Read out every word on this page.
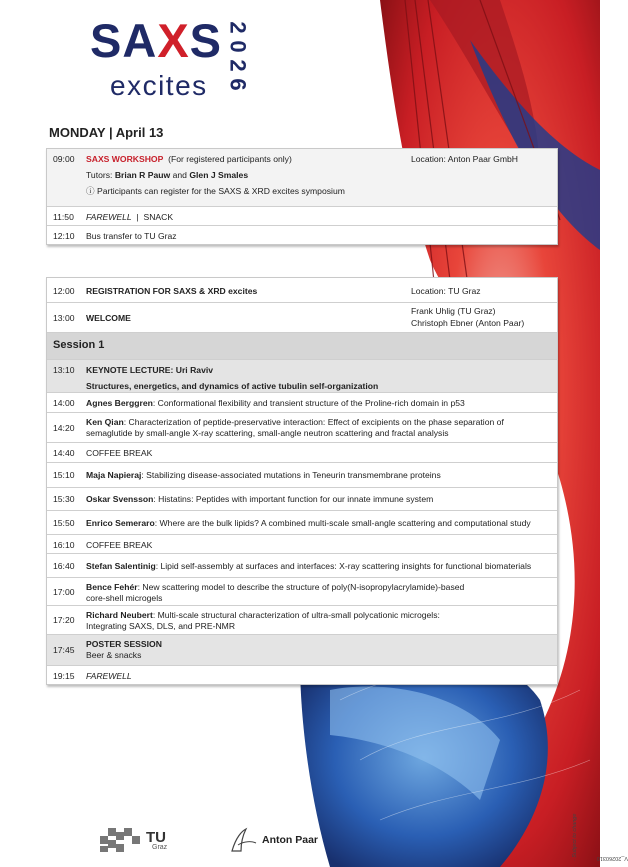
SAXS
excites
2
0
2
6
MONDAY | April 13
09:00 SAXS WORKSHOP (For registered participants only)
Tutors: Brian R Pauw and Glen J Smales
ⓘ Participants can register for the SAXS & XRD excites symposium
Location: Anton Paar GmbH
11:50 FAREWELL  |  SNACK
12:10 Bus transfer to TU Graz
12:00 REGISTRATION FOR SAXS & XRD excites	Location: TU Graz
13:00 WELCOME
Frank Uhlig (TU Graz)
Christoph Ebner (Anton Paar)
Session 1
13:10 KEYNOTE LECTURE: Uri Raviv
Structures, energetics, and dynamics of active tubulin self-organization
14:00 Agnes Berggren: Conformational flexibility and transient structure of the Proline-rich domain in p53
14:20
Ken Qian: Characterization of peptide-preservative interaction: Effect of excipients on the phase separation of
semaglutide by small-angle X-ray scattering, small-angle neutron scattering and fractal analysis
14:40 COFFEE BREAK
15:10 Maja Napieraj: Stabilizing disease-associated mutations in Teneurin transmembrane proteins
15:30 Oskar Svensson: Histatins: Peptides with important function for our innate immune system
15:50 Enrico Semeraro: Where are the bulk lipids? A combined multi-scale small-angle scattering and computational study
16:10 COFFEE BREAK
16:40 Stefan Salentinig: Lipid self-assembly at surfaces and interfaces: X-ray scattering insights for functional biomaterials
17:00 Bence Fehér: New scattering model to describe the structure of poly(N-isopropylacrylamide)-based
core-shell microgels
17:20 Richard Neubert: Multi-scale structural characterization of ultra-small polycationic microgels:
Integrating SAXS, DLS, and PRE-NMR
17:45
POSTER SESSION
Beer & snacks
19:15 FAREWELL
TU
Graz
Anton Paar
V_20260310
· Subject to change
